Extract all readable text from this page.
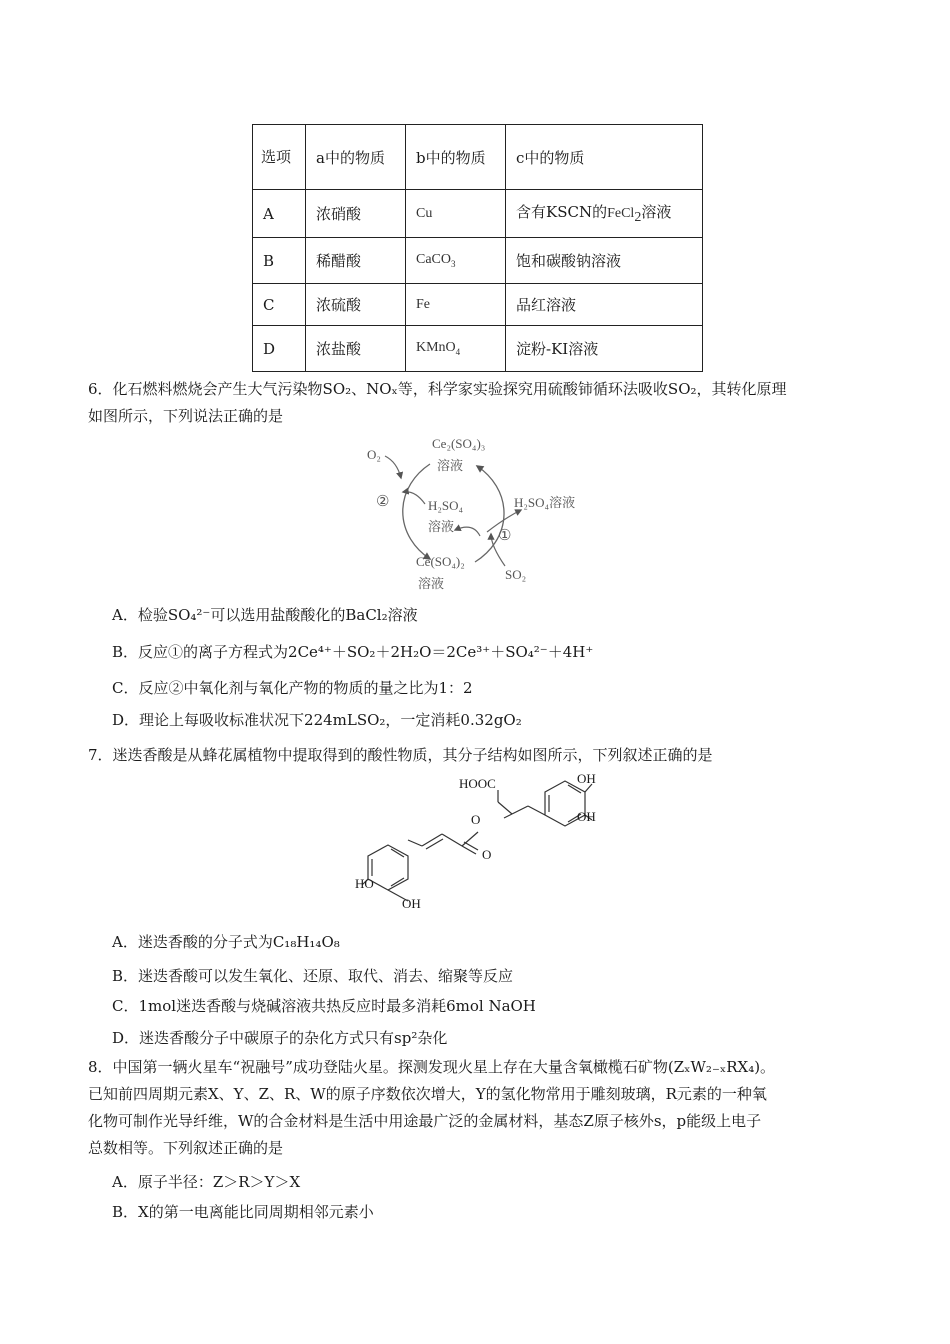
选项	a中的物质	b中的物质	c中的物质
A	浓硝酸	Cu	含有KSCN的FeCl$_2$溶液
B	稀醋酸	CaCO$_3$	饱和碳酸钠溶液
C	浓硫酸	Fe	品红溶液
D	浓盐酸	KMnO$_4$	淀粉-KI溶液
6．化石燃料燃烧会产生大气污染物SO₂、NOₓ等，科学家实验探究用硫酸铈循环法吸收SO₂，其转化原理
如图所示，下列说法正确的是
Ce₂(SO₄)₃
溶液
O₂
②	H₂SO₄
溶液
H₂SO₄溶液
①
Ce(SO₄)₂
溶液
SO₂
A．检验SO₄²⁻可以选用盐酸酸化的BaCl₂溶液
B．反应①的离子方程式为2Ce⁴⁺＋SO₂＋2H₂O＝2Ce³⁺＋SO₄²⁻＋4H⁺
C．反应②中氧化剂与氧化产物的物质的量之比为1：2
D．理论上每吸收标准状况下224mLSO₂，一定消耗0.32gO₂
7．迷迭香酸是从蜂花属植物中提取得到的酸性物质，其分子结构如图所示，下列叙述正确的是
HOOC	OH
OH
O
O
HO
OH
A．迷迭香酸的分子式为C₁₈H₁₄O₈
B．迷迭香酸可以发生氧化、还原、取代、消去、缩聚等反应
C．1mol迷迭香酸与烧碱溶液共热反应时最多消耗6mol NaOH
D．迷迭香酸分子中碳原子的杂化方式只有sp²杂化
8．中国第一辆火星车“祝融号”成功登陆火星。探测发现火星上存在大量含氧橄榄石矿物(ZₓW₂₋ₓRX₄)。
已知前四周期元素X、Y、Z、R、W的原子序数依次增大，Y的氢化物常用于雕刻玻璃，R元素的一种氧
化物可制作光导纤维，W的合金材料是生活中用途最广泛的金属材料，基态Z原子核外s，p能级上电子
总数相等。下列叙述正确的是
A．原子半径：Z＞R＞Y＞X
B．X的第一电离能比同周期相邻元素小
